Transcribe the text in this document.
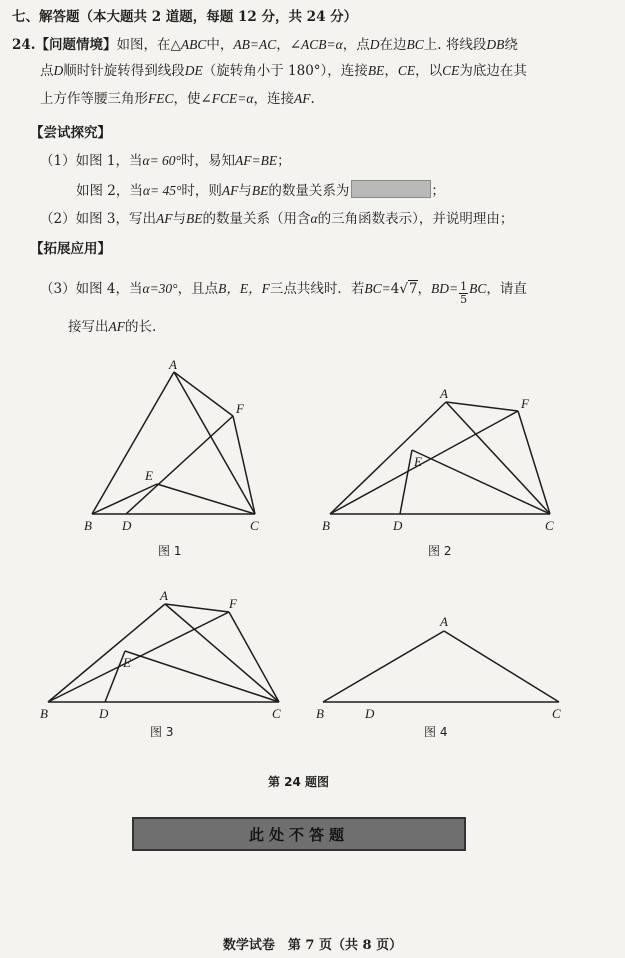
七、解答题（本大题共 2 道题，每题 12 分，共 24 分）
24.【问题情境】如图，在△ABC中，AB=AC，∠ACB=α，点D在边BC上. 将线段DB绕
点D顺时针旋转得到线段DE（旋转角小于 180°），连接BE，CE，以CE为底边在其
上方作等腰三角形FEC，使∠FCE=α，连接AF.
【尝试探究】
（1）如图 1，当α= 60°时，易知AF=BE；
如图 2，当α= 45°时，则AF与BE的数量关系为	；
（2）如图 3，写出AF与BE的数量关系（用含α的三角函数表示），并说明理由；
【拓展应用】
（3）如图 4，当α=30°，且点B，E，F三点共线时．若BC=4√7，$BD= \frac{1}{5}$ BC，请直
接写出AF的长.
A
F
E
B D	C
A
F
E
B	D	C
A
F
E
B	D	C
A
B	D	C
图 1	图 2
图 3	图 4
第 24 题图
此处不答题
数学试卷　第 7 页（共 8 页）
